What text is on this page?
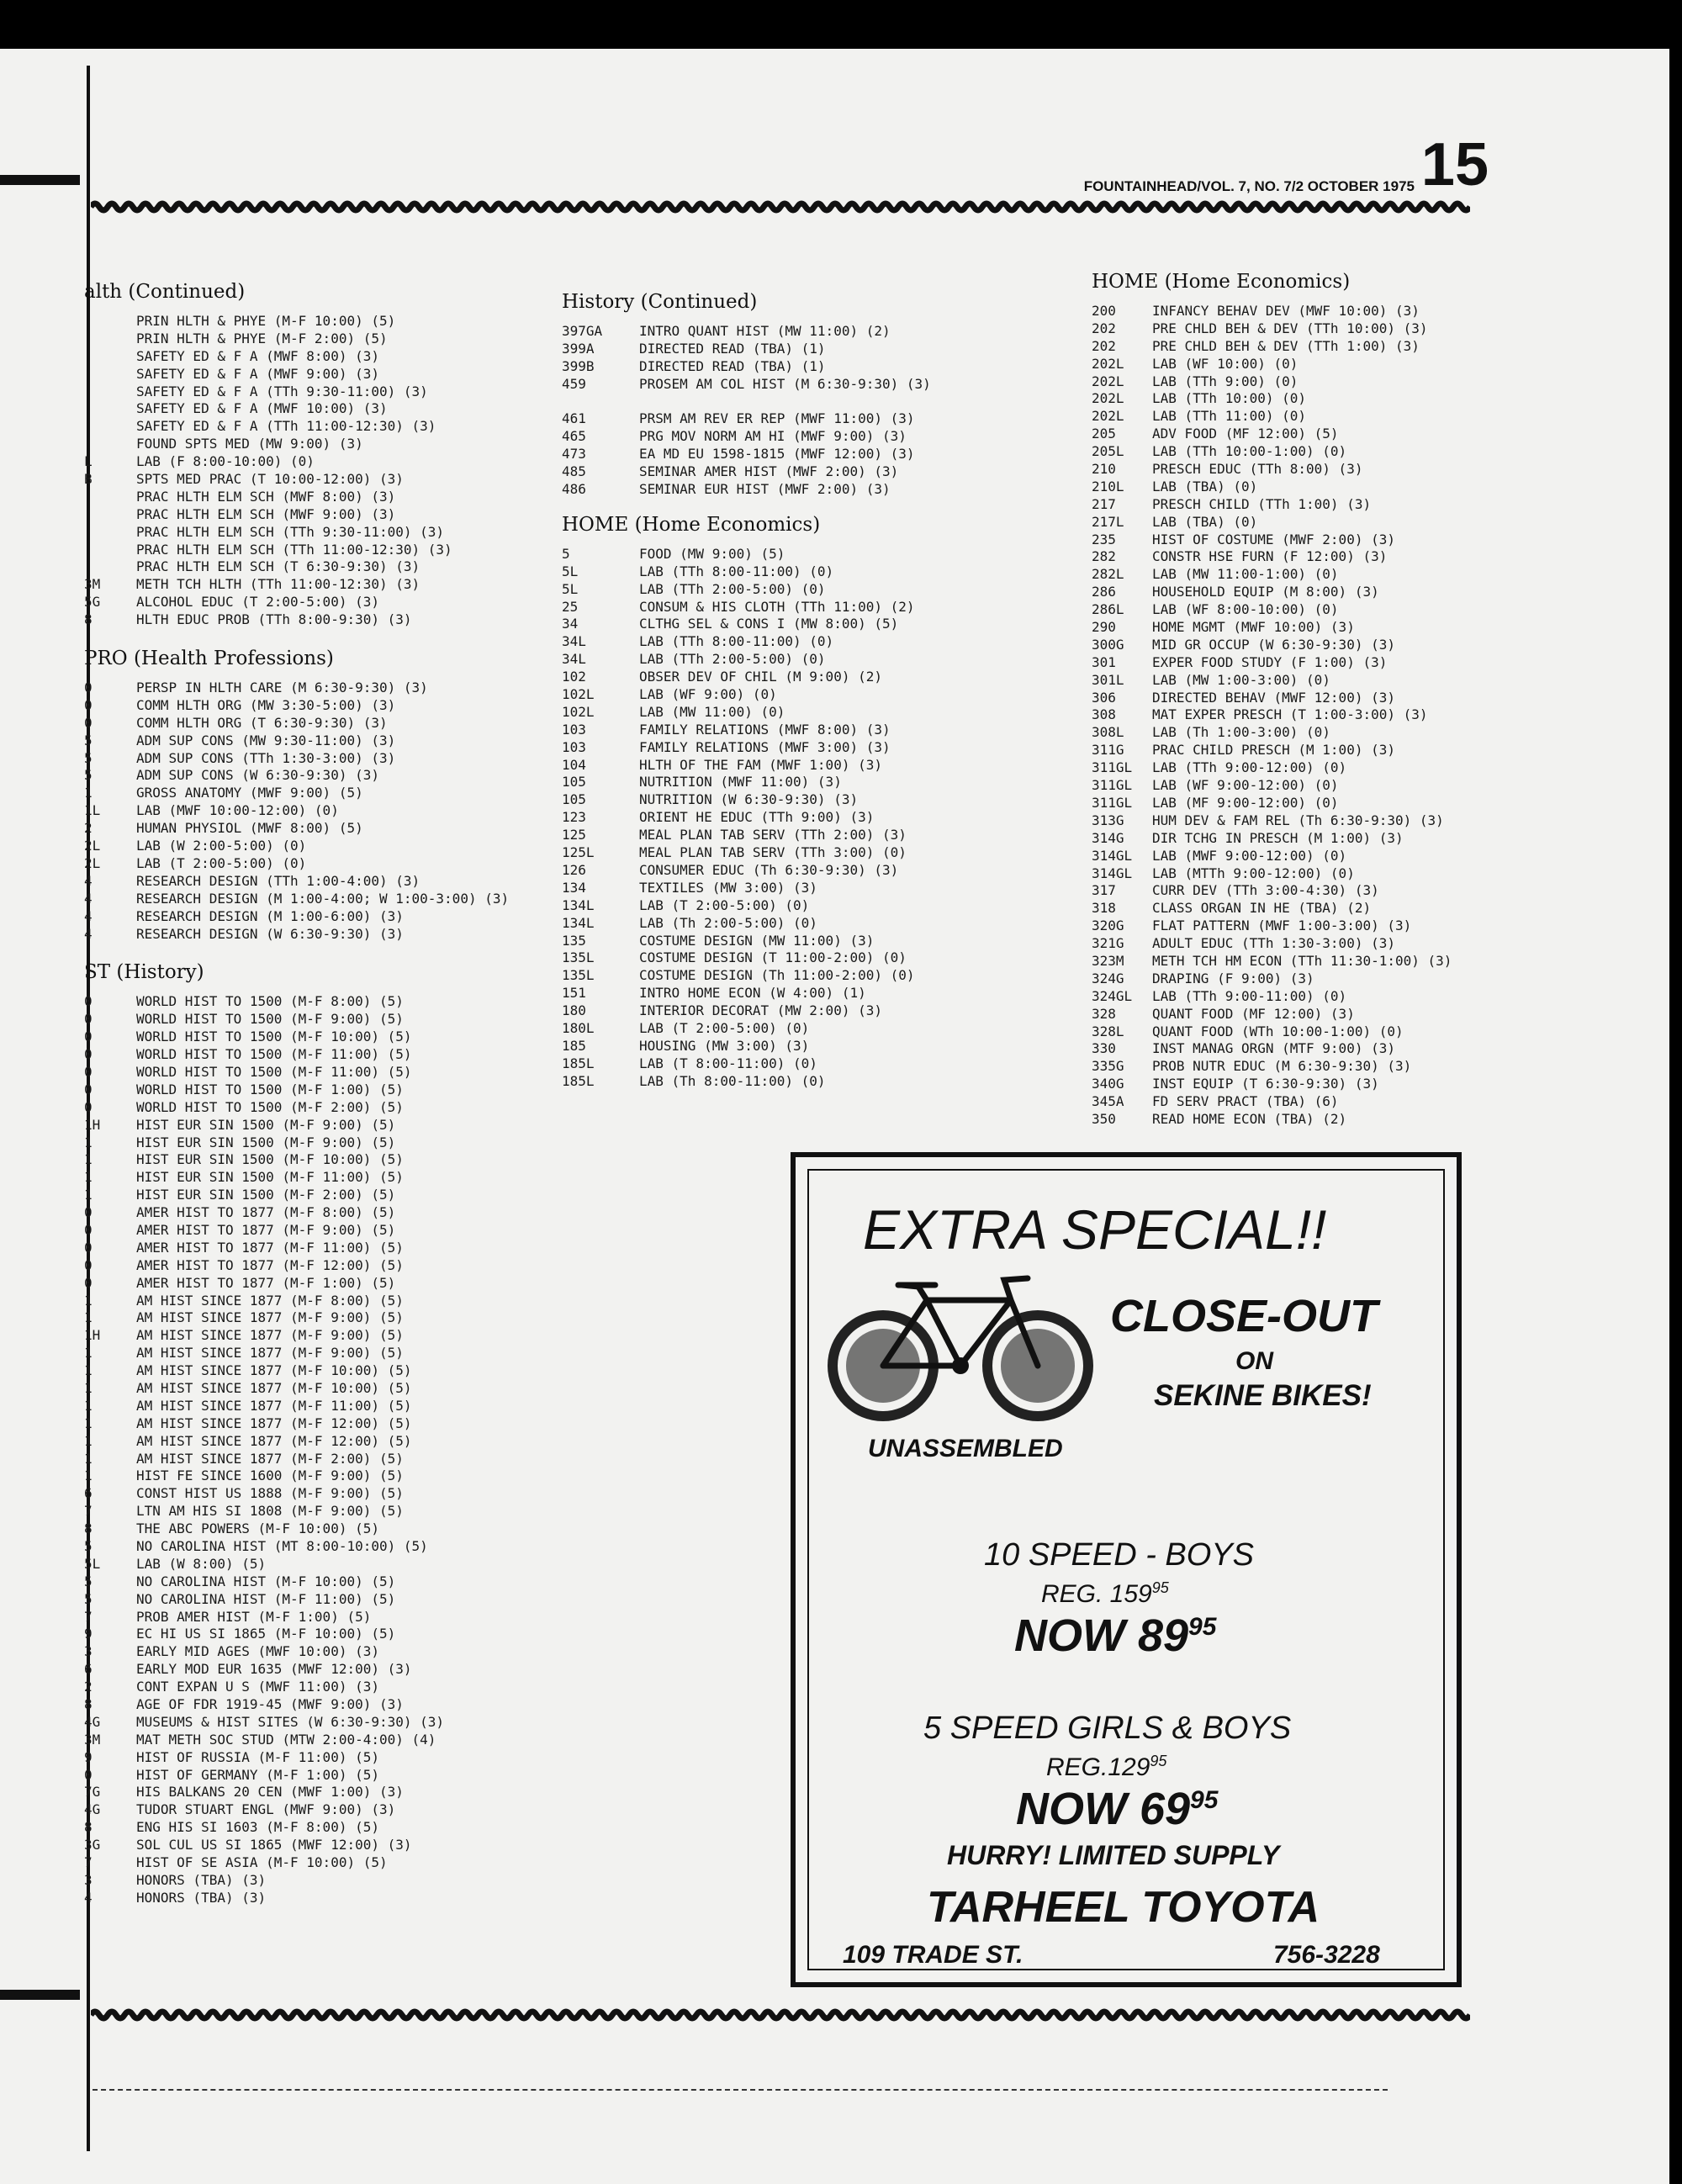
FOUNTAINHEAD/VOL. 7, NO. 7/2 OCTOBER 1975 15
alth (Continued)
PRIN HLTH & PHYE (M-F 10:00) (5)
PRIN HLTH & PHYE (M-F 2:00) (5)
SAFETY ED & F A (MWF 8:00) (3)
SAFETY ED & F A (MWF 9:00) (3)
SAFETY ED & F A (TTh 9:30-11:00) (3)
SAFETY ED & F A (MWF 10:00) (3)
SAFETY ED & F A (TTh 11:00-12:30) (3)
FOUND SPTS MED (MW 9:00) (3)
L	LAB (F 8:00-10:00) (0)
B	SPTS MED PRAC (T 10:00-12:00) (3)
PRAC HLTH ELM SCH (MWF 8:00) (3)
PRAC HLTH ELM SCH (MWF 9:00) (3)
PRAC HLTH ELM SCH (TTh 9:30-11:00) (3)
PRAC HLTH ELM SCH (TTh 11:00-12:30) (3)
PRAC HLTH ELM SCH (T 6:30-9:30) (3)
3M	METH TCH HLTH (TTh 11:00-12:30) (3)
5G	ALCOHOL EDUC (T 2:00-5:00) (3)
8	HLTH EDUC PROB (TTh 8:00-9:30) (3)
PRO (Health Professions)
0	PERSP IN HLTH CARE (M 6:30-9:30) (3)
0	COMM HLTH ORG (MW 3:30-5:00) (3)
0	COMM HLTH ORG (T 6:30-9:30) (3)
5	ADM SUP CONS (MW 9:30-11:00) (3)
5	ADM SUP CONS (TTh 1:30-3:00) (3)
5	ADM SUP CONS (W 6:30-9:30) (3)
1	GROSS ANATOMY (MWF 9:00) (5)
1L	LAB (MWF 10:00-12:00) (0)
2	HUMAN PHYSIOL (MWF 8:00) (5)
2L	LAB (W 2:00-5:00) (0)
2L	LAB (T 2:00-5:00) (0)
4	RESEARCH DESIGN (TTh 1:00-4:00) (3)
4	RESEARCH DESIGN (M 1:00-4:00; W 1:00-3:00) (3)
4	RESEARCH DESIGN (M 1:00-6:00) (3)
4	RESEARCH DESIGN (W 6:30-9:30) (3)
ST (History)
0	WORLD HIST TO 1500 (M-F 8:00) (5)
0	WORLD HIST TO 1500 (M-F 9:00) (5)
0	WORLD HIST TO 1500 (M-F 10:00) (5)
0	WORLD HIST TO 1500 (M-F 11:00) (5)
0	WORLD HIST TO 1500 (M-F 11:00) (5)
0	WORLD HIST TO 1500 (M-F 1:00) (5)
0	WORLD HIST TO 1500 (M-F 2:00) (5)
1H	HIST EUR SIN 1500 (M-F 9:00) (5)
1	HIST EUR SIN 1500 (M-F 9:00) (5)
1	HIST EUR SIN 1500 (M-F 10:00) (5)
1	HIST EUR SIN 1500 (M-F 11:00) (5)
1	HIST EUR SIN 1500 (M-F 2:00) (5)
0	AMER HIST TO 1877 (M-F 8:00) (5)
0	AMER HIST TO 1877 (M-F 9:00) (5)
0	AMER HIST TO 1877 (M-F 11:00) (5)
0	AMER HIST TO 1877 (M-F 12:00) (5)
0	AMER HIST TO 1877 (M-F 1:00) (5)
1	AM HIST SINCE 1877 (M-F 8:00) (5)
1	AM HIST SINCE 1877 (M-F 9:00) (5)
1H	AM HIST SINCE 1877 (M-F 9:00) (5)
1	AM HIST SINCE 1877 (M-F 9:00) (5)
1	AM HIST SINCE 1877 (M-F 10:00) (5)
1	AM HIST SINCE 1877 (M-F 10:00) (5)
1	AM HIST SINCE 1877 (M-F 11:00) (5)
1	AM HIST SINCE 1877 (M-F 12:00) (5)
1	AM HIST SINCE 1877 (M-F 12:00) (5)
1	AM HIST SINCE 1877 (M-F 2:00) (5)
1	HIST FE SINCE 1600 (M-F 9:00) (5)
6	CONST HIST US 1888 (M-F 9:00) (5)
7	LTN AM HIS SI 1808 (M-F 9:00) (5)
8	THE ABC POWERS (M-F 10:00) (5)
5	NO CAROLINA HIST (MT 8:00-10:00) (5)
5L	LAB (W 8:00) (5)
5	NO CAROLINA HIST (M-F 10:00) (5)
5	NO CAROLINA HIST (M-F 11:00) (5)
7	PROB AMER HIST (M-F 1:00) (5)
9	EC HI US SI 1865 (M-F 10:00) (5)
3	EARLY MID AGES (MWF 10:00) (3)
6	EARLY MOD EUR 1635 (MWF 12:00) (3)
2	CONT EXPAN U S (MWF 11:00) (3)
8	AGE OF FDR 1919-45 (MWF 9:00) (3)
4G	MUSEUMS & HIST SITES (W 6:30-9:30) (3)
3M	MAT METH SOC STUD (MTW 2:00-4:00) (4)
9	HIST OF RUSSIA (M-F 11:00) (5)
0	HIST OF GERMANY (M-F 1:00) (5)
7G	HIS BALKANS 20 CEN (MWF 1:00) (3)
4G	TUDOR STUART ENGL (MWF 9:00) (3)
8	ENG HIS SI 1603 (M-F 8:00) (5)
3G	SOL CUL US SI 1865 (MWF 12:00) (3)
7	HIST OF SE ASIA (M-F 10:00) (5)
3	HONORS (TBA) (3)
4	HONORS (TBA) (3)
History (Continued)
397GA	INTRO QUANT HIST (MW 11:00) (2)
399A	DIRECTED READ (TBA) (1)
399B	DIRECTED READ (TBA) (1)
459	PROSEM AM COL HIST (M 6:30-9:30) (3)
461	PRSM AM REV ER REP (MWF 11:00) (3)
465	PRG MOV NORM AM HI (MWF 9:00) (3)
473	EA MD EU 1598-1815 (MWF 12:00) (3)
485	SEMINAR AMER HIST (MWF 2:00) (3)
486	SEMINAR EUR HIST (MWF 2:00) (3)
HOME (Home Economics)
5	FOOD (MW 9:00) (5)
5L	LAB (TTh 8:00-11:00) (0)
5L	LAB (TTh 2:00-5:00) (0)
25	CONSUM & HIS CLOTH (TTh 11:00) (2)
34	CLTHG SEL & CONS I (MW 8:00) (5)
34L	LAB (TTh 8:00-11:00) (0)
34L	LAB (TTh 2:00-5:00) (0)
102	OBSER DEV OF CHIL (M 9:00) (2)
102L	LAB (WF 9:00) (0)
102L	LAB (MW 11:00) (0)
103	FAMILY RELATIONS (MWF 8:00) (3)
103	FAMILY RELATIONS (MWF 3:00) (3)
104	HLTH OF THE FAM (MWF 1:00) (3)
105	NUTRITION (MWF 11:00) (3)
105	NUTRITION (W 6:30-9:30) (3)
123	ORIENT HE EDUC (TTh 9:00) (3)
125	MEAL PLAN TAB SERV (TTh 2:00) (3)
125L	MEAL PLAN TAB SERV (TTh 3:00) (0)
126	CONSUMER EDUC (Th 6:30-9:30) (3)
134	TEXTILES (MW 3:00) (3)
134L	LAB (T 2:00-5:00) (0)
134L	LAB (Th 2:00-5:00) (0)
135	COSTUME DESIGN (MW 11:00) (3)
135L	COSTUME DESIGN (T 11:00-2:00) (0)
135L	COSTUME DESIGN (Th 11:00-2:00) (0)
151	INTRO HOME ECON (W 4:00) (1)
180	INTERIOR DECORAT (MW 2:00) (3)
180L	LAB (T 2:00-5:00) (0)
185	HOUSING (MW 3:00) (3)
185L	LAB (T 8:00-11:00) (0)
185L	LAB (Th 8:00-11:00) (0)
HOME (Home Economics)
200	INFANCY BEHAV DEV (MWF 10:00) (3)
202	PRE CHLD BEH & DEV (TTh 10:00) (3)
202	PRE CHLD BEH & DEV (TTh 1:00) (3)
202L	LAB (WF 10:00) (0)
202L	LAB (TTh 9:00) (0)
202L	LAB (TTh 10:00) (0)
202L	LAB (TTh 11:00) (0)
205	ADV FOOD (MF 12:00) (5)
205L	LAB (TTh 10:00-1:00) (0)
210	PRESCH EDUC (TTh 8:00) (3)
210L	LAB (TBA) (0)
217	PRESCH CHILD (TTh 1:00) (3)
217L	LAB (TBA) (0)
235	HIST OF COSTUME (MWF 2:00) (3)
282	CONSTR HSE FURN (F 12:00) (3)
282L	LAB (MW 11:00-1:00) (0)
286	HOUSEHOLD EQUIP (M 8:00) (3)
286L	LAB (WF 8:00-10:00) (0)
290	HOME MGMT (MWF 10:00) (3)
300G	MID GR OCCUP (W 6:30-9:30) (3)
301	EXPER FOOD STUDY (F 1:00) (3)
301L	LAB (MW 1:00-3:00) (0)
306	DIRECTED BEHAV (MWF 12:00) (3)
308	MAT EXPER PRESCH (T 1:00-3:00) (3)
308L	LAB (Th 1:00-3:00) (0)
311G	PRAC CHILD PRESCH (M 1:00) (3)
311GL	LAB (TTh 9:00-12:00) (0)
311GL	LAB (WF 9:00-12:00) (0)
311GL	LAB (MF 9:00-12:00) (0)
313G	HUM DEV & FAM REL (Th 6:30-9:30) (3)
314G	DIR TCHG IN PRESCH (M 1:00) (3)
314GL	LAB (MWF 9:00-12:00) (0)
314GL	LAB (MTTh 9:00-12:00) (0)
317	CURR DEV (TTh 3:00-4:30) (3)
318	CLASS ORGAN IN HE (TBA) (2)
320G	FLAT PATTERN (MWF 1:00-3:00) (3)
321G	ADULT EDUC (TTh 1:30-3:00) (3)
323M	METH TCH HM ECON (TTh 11:30-1:00) (3)
324G	DRAPING (F 9:00) (3)
324GL	LAB (TTh 9:00-11:00) (0)
328	QUANT FOOD (MF 12:00) (3)
328L	QUANT FOOD (WTh 10:00-1:00) (0)
330	INST MANAG ORGN (MTF 9:00) (3)
335G	PROB NUTR EDUC (M 6:30-9:30) (3)
340G	INST EQUIP (T 6:30-9:30) (3)
345A	FD SERV PRACT (TBA) (6)
350	READ HOME ECON (TBA) (2)
EXTRA SPECIAL!!
CLOSE-OUT
ON
SEKINE BIKES!
UNASSEMBLED
10 SPEED - BOYS
REG. $159^{95}$
NOW $89^{95}$
5 SPEED GIRLS & BOYS
REG.129$^{95}$
NOW $69^{95}$
HURRY! LIMITED SUPPLY
TARHEEL TOYOTA
109 TRADE ST.	756-3228
